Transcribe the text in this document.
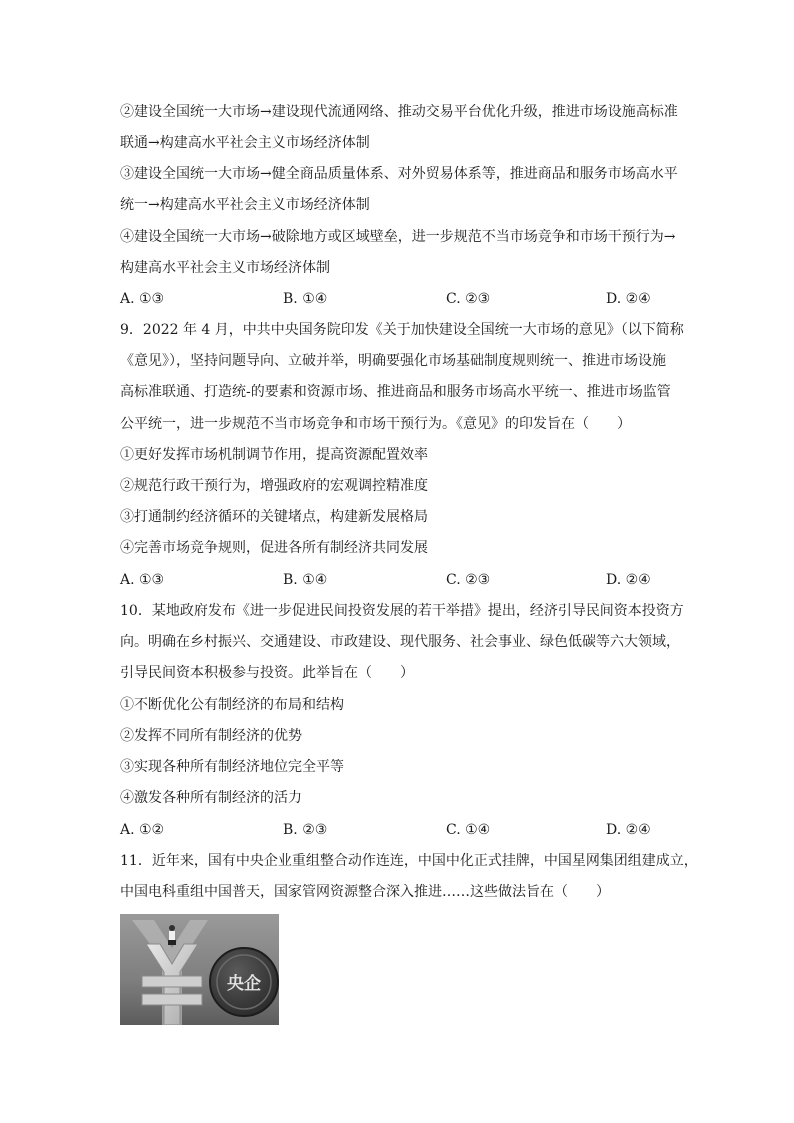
②建设全国统一大市场→建设现代流通网络、推动交易平台优化升级，推进市场设施高标准
联通→构建高水平社会主义市场经济体制
③建设全国统一大市场→健全商品质量体系、对外贸易体系等，推进商品和服务市场高水平
统一→构建高水平社会主义市场经济体制
④建设全国统一大市场→破除地方或区域壁垒，进一步规范不当市场竞争和市场干预行为→
构建高水平社会主义市场经济体制
A. ①③	B. ①④	C. ②③	D. ②④
9．2022 年 4 月，中共中央国务院印发《关于加快建设全国统一大市场的意见》（以下简称
《意见》），坚持问题导向、立破并举，明确要强化市场基础制度规则统一、推进市场设施
高标准联通、打造统-的要素和资源市场、推进商品和服务市场高水平统一、推进市场监管
公平统一，进一步规范不当市场竞争和市场干预行为。《意见》的印发旨在（　　）
①更好发挥市场机制调节作用，提高资源配置效率
②规范行政干预行为，增强政府的宏观调控精准度
③打通制约经济循环的关键堵点，构建新发展格局
④完善市场竞争规则，促进各所有制经济共同发展
A. ①③	B. ①④	C. ②③	D. ②④
10．某地政府发布《进一步促进民间投资发展的若干举措》提出，经济引导民间资本投资方
向。明确在乡村振兴、交通建设、市政建设、现代服务、社会事业、绿色低碳等六大领域，
引导民间资本积极参与投资。此举旨在（　　）
①不断优化公有制经济的布局和结构
②发挥不同所有制经济的优势
③实现各种所有制经济地位完全平等
④激发各种所有制经济的活力
A. ①②	B. ②③	C. ①④	D. ②④
11．近年来，国有中央企业重组整合动作连连，中国中化正式挂牌，中国星网集团组建成立，
中国电科重组中国普天，国家管网资源整合深入推进……这些做法旨在（　　）
央企
